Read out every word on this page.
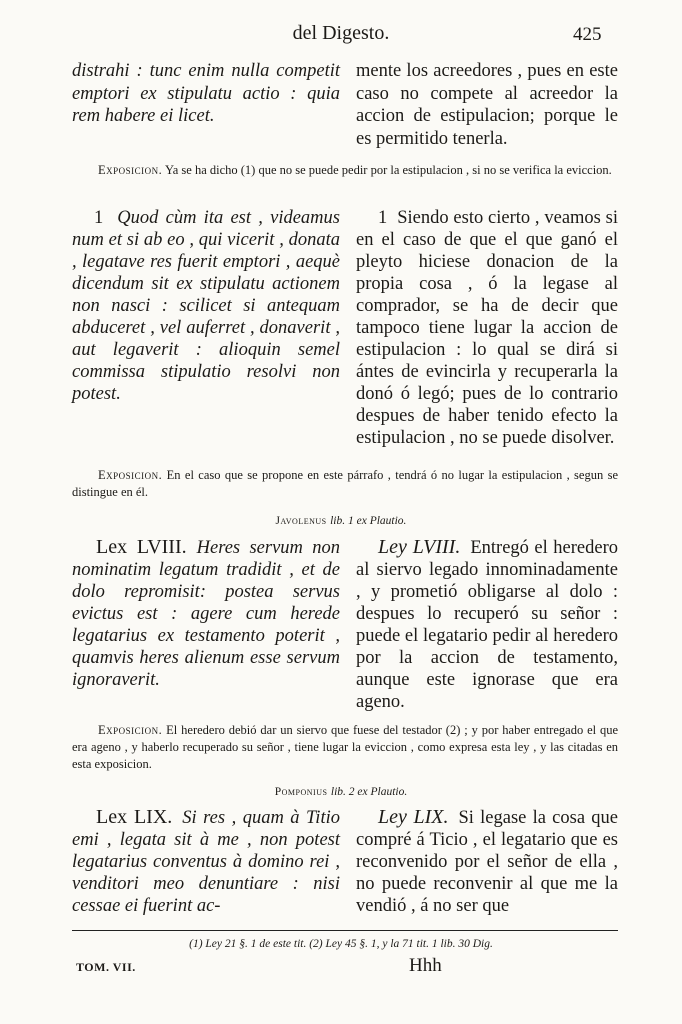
del Digesto.	425
distrahi : tunc enim nulla competit emptori ex stipulatu actio : quia rem habere ei licet.
mente los acreedores , pues en este caso no compete al acreedor la accion de estipulacion; porque le es permitido tenerla.
Exposicion. Ya se ha dicho (1) que no se puede pedir por la estipulacion , si no se verifica la eviccion.
1 Quod cùm ita est , videamus num et si ab eo , qui vicerit , donata , legatave res fuerit emptori , aequè dicendum sit ex stipulatu actionem non nasci : scilicet si antequam abduceret , vel auferret , donaverit , aut legaverit : alioquin semel commissa stipulatio resolvi non potest.
1 Siendo esto cierto , veamos si en el caso de que el que ganó el pleyto hiciese donacion de la propia cosa , ó la legase al comprador, se ha de decir que tampoco tiene lugar la accion de estipulacion : lo qual se dirá si ántes de evincirla y recuperarla la donó ó legó; pues de lo contrario despues de haber tenido efecto la estipulacion , no se puede disolver.
Exposicion. En el caso que se propone en este párrafo , tendrá ó no lugar la estipulacion , segun se distingue en él.
Javolenus lib. 1 ex Plautio.
Lex LVIII. Heres servum non nominatim legatum tradidit , et de dolo repromisit: postea servus evictus est : agere cum herede legatarius ex testamento poterit , quamvis heres alienum esse servum ignoraverit.
Ley LVIII. Entregó el heredero al siervo legado innominadamente , y prometió obligarse al dolo : despues lo recuperó su señor : puede el legatario pedir al heredero por la accion de testamento, aunque este ignorase que era ageno.
Exposicion. El heredero debió dar un siervo que fuese del testador (2) ; y por haber entregado el que era ageno , y haberlo recuperado su señor , tiene lugar la eviccion , como expresa esta ley , y las citadas en esta exposicion.
Pomponius lib. 2 ex Plautio.
Lex LIX. Si res , quam à Titio emi , legata sit à me , non potest legatarius conventus à domino rei , venditori meo denuntiare : nisi cessae ei fuerint ac-
Ley LIX. Si legase la cosa que compré á Ticio , el legatario que es reconvenido por el señor de ella , no puede reconvenir al que me la vendió , á no ser que
(1) Ley 21 §. 1 de este tit. (2) Ley 45 §. 1, y la 71 tit. 1 lib. 30 Dig.
TOM. VII.	Hhh
